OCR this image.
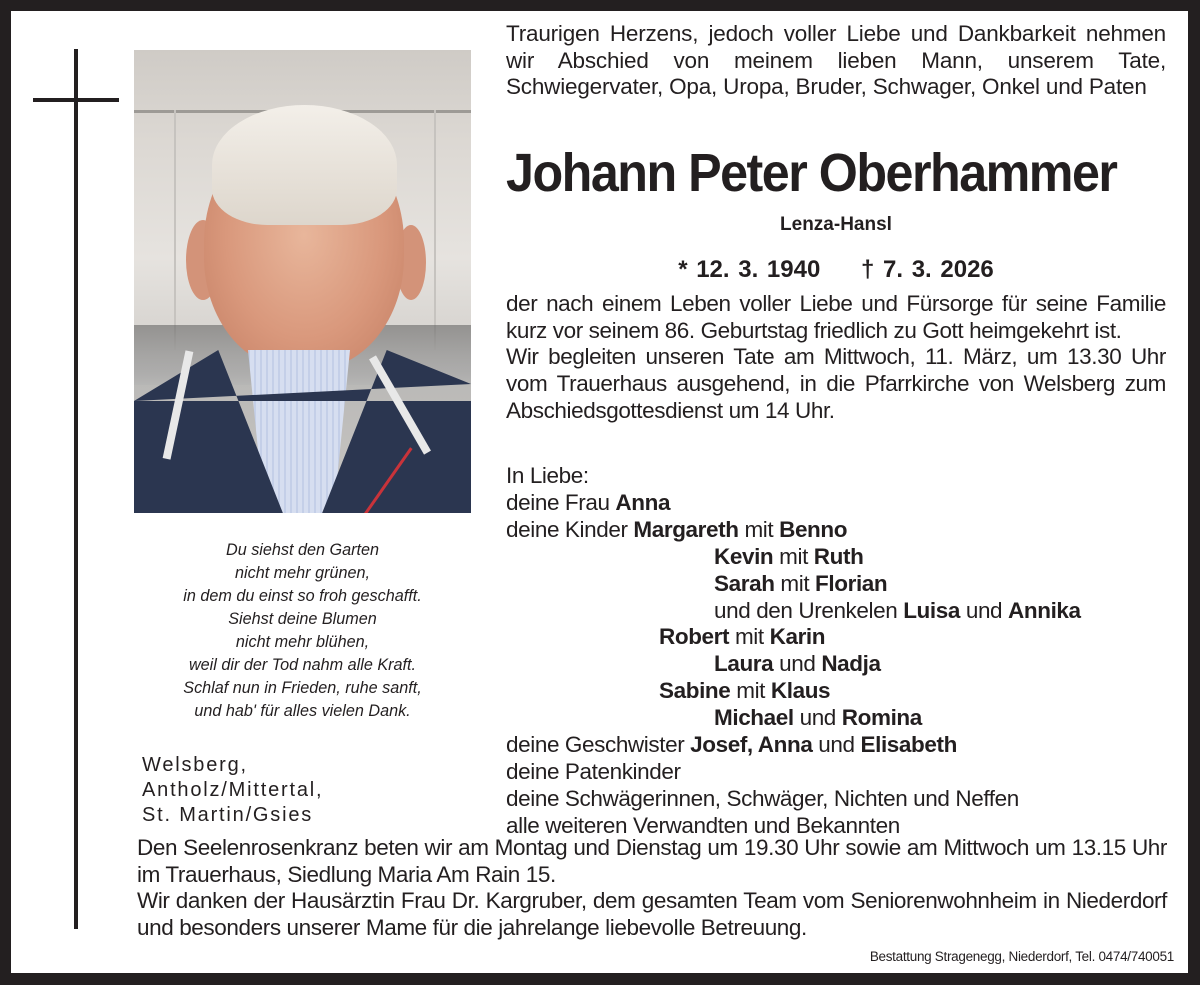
Traurigen Herzens, jedoch voller Liebe und Dankbarkeit nehmen wir Abschied von meinem lieben Mann, unserem Tate, Schwiegervater, Opa, Uropa, Bruder, Schwager, Onkel und Paten
Johann Peter Oberhammer
Lenza-Hansl
* 12. 3. 1940 † 7. 3. 2026

der nach einem Leben voller Liebe und Fürsorge für seine Familie kurz vor seinem 86. Geburtstag friedlich zu Gott heimgekehrt ist.

Wir begleiten unseren Tate am Mittwoch, 11. März, um 13.30 Uhr vom Trauerhaus ausgehend, in die Pfarrkirche von Welsberg zum Abschiedsgottesdienst um 14 Uhr.

In Liebe:
deine Frau Anna
deine Kinder Margareth mit Benno
Kevin mit Ruth
Sarah mit Florian
und den Urenkelen Luisa und Annika
Robert mit Karin
Laura und Nadja
Sabine mit Klaus
Michael und Romina
deine Geschwister Josef, Anna und Elisabeth
deine Patenkinder
deine Schwägerinnen, Schwäger, Nichten und Neffen
alle weiteren Verwandten und Bekannten
Du siehst den Garten
nicht mehr grünen,
in dem du einst so froh geschafft.
Siehst deine Blumen
nicht mehr blühen,
weil dir der Tod nahm alle Kraft.
Schlaf nun in Frieden, ruhe sanft,
und hab' für alles vielen Dank.
Welsberg,
Antholz/Mittertal,
St. Martin/Gsies

Den Seelenrosenkranz beten wir am Montag und Dienstag um 19.30 Uhr sowie am Mittwoch um 13.15 Uhr im Trauerhaus, Siedlung Maria Am Rain 15.

Wir danken der Hausärztin Frau Dr. Kargruber, dem gesamten Team vom Seniorenwohnheim in Niederdorf und besonders unserer Mame für die jahrelange liebevolle Betreuung.

Bestattung Stragenegg, Niederdorf, Tel. 0474/740051
